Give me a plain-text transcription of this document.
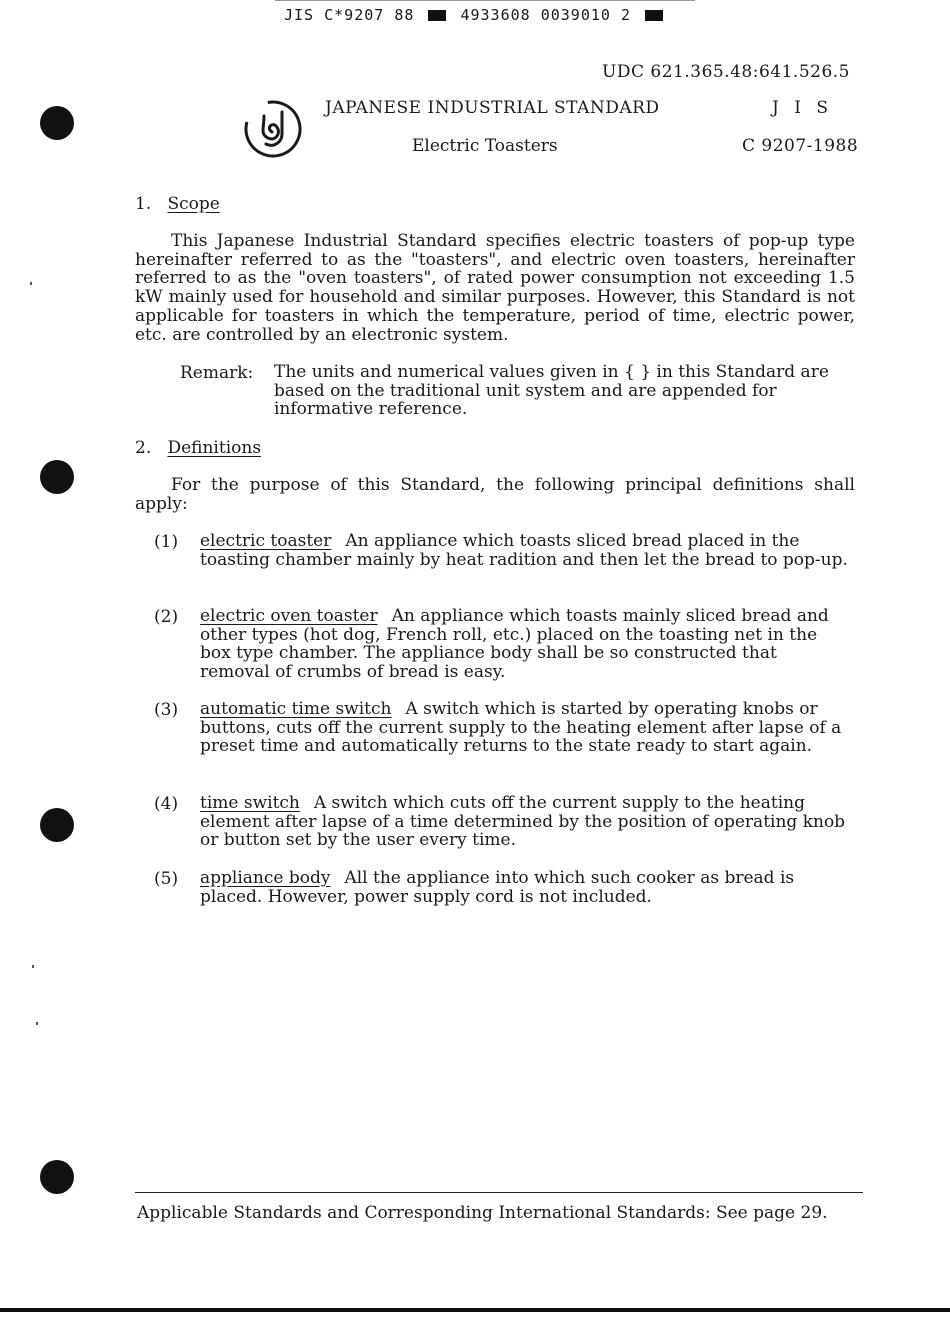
JIS C*9207 88	4933608 0039010 2
UDC 621.365.48:641.526.5
JAPANESE INDUSTRIAL STANDARD	J I S
Electric Toasters	C 9207-1988
1. Scope
This Japanese Industrial Standard specifies electric toasters of pop-up type hereinafter referred to as the "toasters", and electric oven toasters, hereinafter referred to as the "oven toasters", of rated power consumption not exceeding 1.5 kW mainly used for household and similar purposes. However, this Standard is not applicable for toasters in which the temperature, period of time, electric power, etc. are controlled by an electronic system.
Remark: The units and numerical values given in { } in this Standard are based on the traditional unit system and are appended for informative reference.
2. Definitions
For the purpose of this Standard, the following principal definitions shall apply:
(1) electric toaster An appliance which toasts sliced bread placed in the toasting chamber mainly by heat radition and then let the bread to pop-up.
(2) electric oven toaster An appliance which toasts mainly sliced bread and other types (hot dog, French roll, etc.) placed on the toasting net in the box type chamber. The appliance body shall be so constructed that removal of crumbs of bread is easy.
(3) automatic time switch A switch which is started by operating knobs or buttons, cuts off the current supply to the heating element after lapse of a preset time and automatically returns to the state ready to start again.
(4) time switch A switch which cuts off the current supply to the heating element after lapse of a time determined by the position of operating knob or button set by the user every time.
(5) appliance body All the appliance into which such cooker as bread is placed. However, power supply cord is not included.
Applicable Standards and Corresponding International Standards: See page 29.
